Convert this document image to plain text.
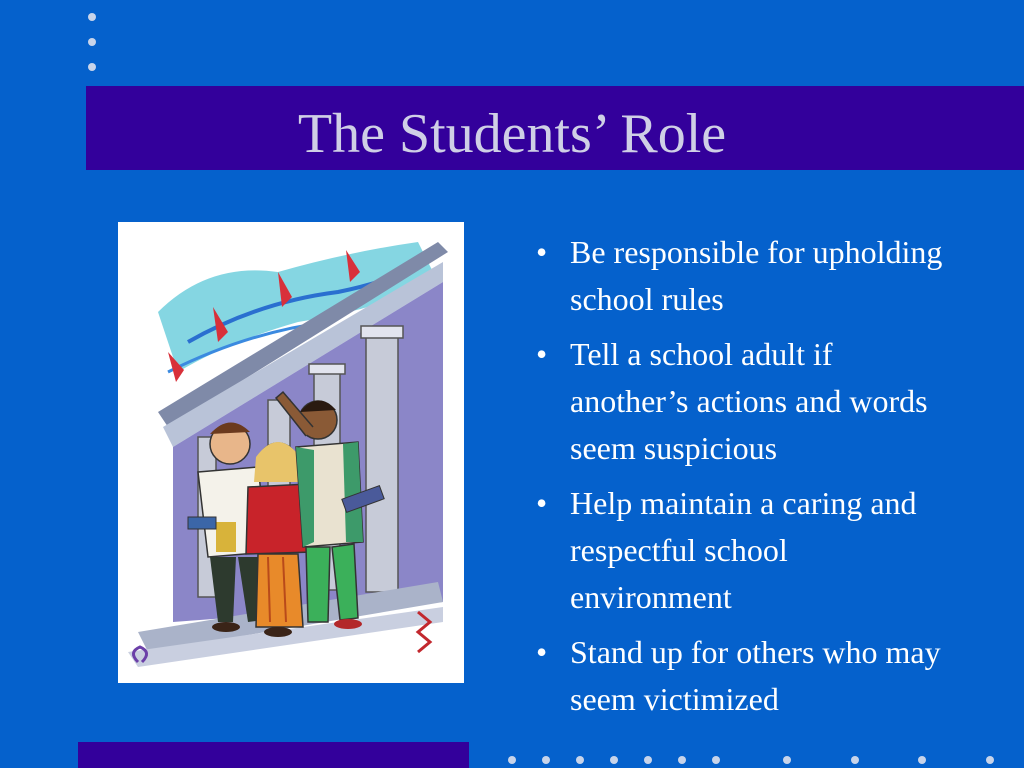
The Students’ Role
• Be responsible for upholding school rules
• Tell a school adult if another’s actions and words seem suspicious
• Help maintain a caring and respectful school environment
• Stand up for others who may seem victimized
